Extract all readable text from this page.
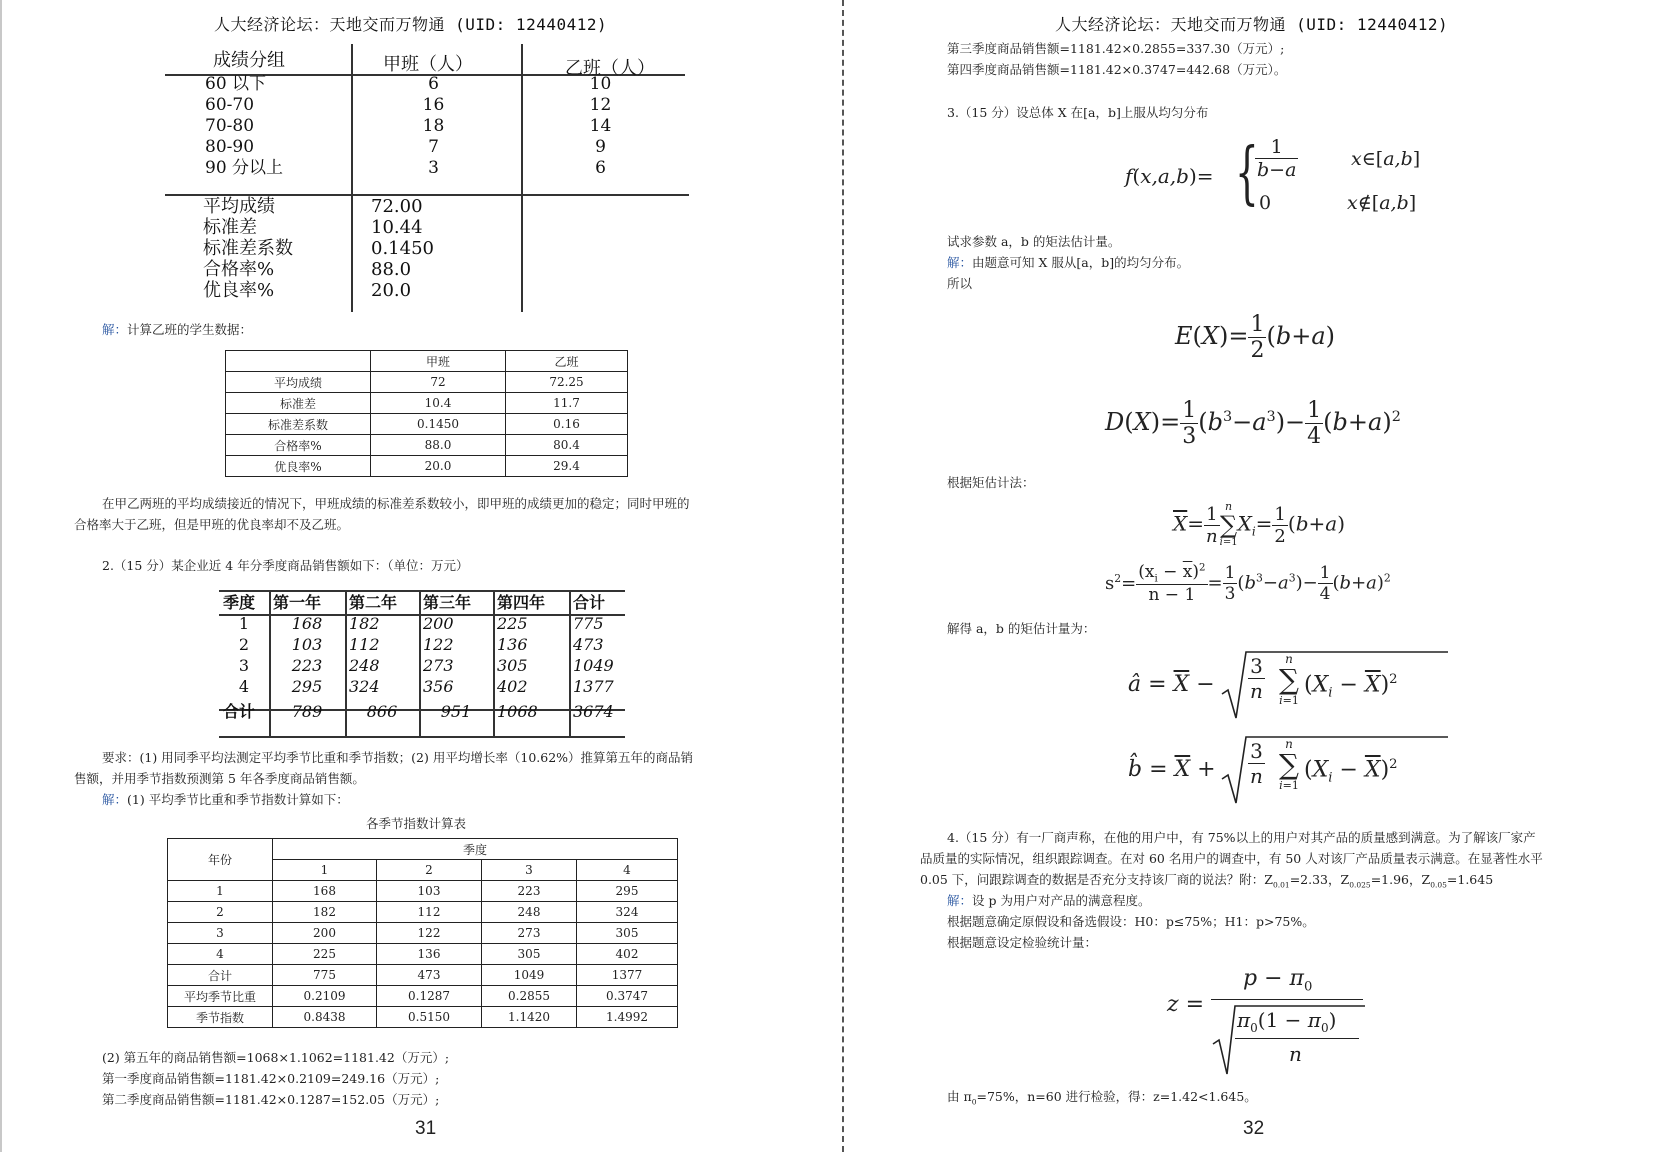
人大经济论坛：天地交而万物通 (UID: 12440412)
成绩分组	甲班（人）	乙班（人）
60 以下	6	10
60-70	16	12
70-80	18	14
80-90	7	9
90 分以上	3	6
平均成绩	72.00
标准差	10.44
标准差系数	0.1450
合格率%	88.0
优良率%	20.0
解：计算乙班的学生数据：
	甲班	乙班
平均成绩	72	72.25
标准差	10.4	11.7
标准差系数	0.1450	0.16
合格率%	88.0	80.4
优良率%	20.0	29.4
在甲乙两班的平均成绩接近的情况下，甲班成绩的标准差系数较小，即甲班的成绩更加的稳定；同时甲班的
合格率大于乙班，但是甲班的优良率却不及乙班。
2.（15 分）某企业近 4 年分季度商品销售额如下：（单位：万元）
季度	第一年	第二年	第三年	第四年	合计
1	168	182	200	225	775
2	103	112	122	136	473
3	223	248	273	305	1049
4	295	324	356	402	1377
合计	789	866	951	1068	3674
要求：(1) 用同季平均法测定平均季节比重和季节指数；(2) 用平均增长率（10.62%）推算第五年的商品销
售额，并用季节指数预测第 5 年各季度商品销售额。
解：(1) 平均季节比重和季节指数计算如下：
各季节指数计算表
年份	季度			
	1	2	3	4
1	168	103	223	295
2	182	112	248	324
3	200	122	273	305
4	225	136	305	402
合计	775	473	1049	1377
平均季节比重	0.2109	0.1287	0.2855	0.3747
季节指数	0.8438	0.5150	1.1420	1.4992
(2) 第五年的商品销售额=1068×1.1062=1181.42（万元）;
第一季度商品销售额=1181.42×0.2109=249.16（万元）;
第二季度商品销售额=1181.42×0.1287=152.05（万元）;
31
人大经济论坛：天地交而万物通 (UID: 12440412)
第三季度商品销售额=1181.42×0.2855=337.30（万元）;
第四季度商品销售额=1181.42×0.3747=442.68（万元）。
3.（15 分）设总体 X 在[a，b]上服从均匀分布
f(x,a,b)= {
$\frac{1}{b-a}$	x∈[a,b]
0	x∉[a,b]
试求参数 a，b 的矩法估计量。
解：由题意可知 X 服从[a，b]的均匀分布。
所以
$E(X)= \frac{1}{2} (b+a)$
$D(X)= \frac{1}{3} (b^3-a^3)- \frac{1}{4} (b+a)^2$
根据矩估计法：
$\overline{X}= \frac{1}{n}$ n
∑
i=1
$X_i= \frac{1}{2} (b+a)$
$s^2= \frac{(x_i - \overline{x})^2}{n - 1} = \frac{1}{3} (b^3-a^3)- \frac{1}{4} (b+a)^2$
解得 a，b 的矩估计量为：
â = $\overline{X} - \frac{3}{n}$	n
∑
i=1
$(X_i - \overline{X})^2$
b̂ = $\overline{X} + \frac{3}{n}$	n
∑
i=1
$(X_i - \overline{X})^2$
4.（15 分）有一厂商声称，在他的用户中，有 75%以上的用户对其产品的质量感到满意。为了解该厂家产
品质量的实际情况，组织跟踪调查。在对 60 名用户的调查中，有 50 人对该厂产品质量表示满意。在显著性水平
0.05 下，问跟踪调查的数据是否充分支持该厂商的说法？附：$Z_{0.01}=2.33$，$Z_{0.025}=1.96$，$Z_{0.05}=1.645$
解：设 p 为用户对产品的满意程度。
根据题意确定原假设和备选假设：H0：p≤75%；H1：p>75%。
根据题意设定检验统计量：
z =
$p - \pi_0$
$\pi_0(1 - \pi_0)$
n
由 $\pi_0=75\%$，n=60 进行检验，得：z=1.42<1.645。
32
